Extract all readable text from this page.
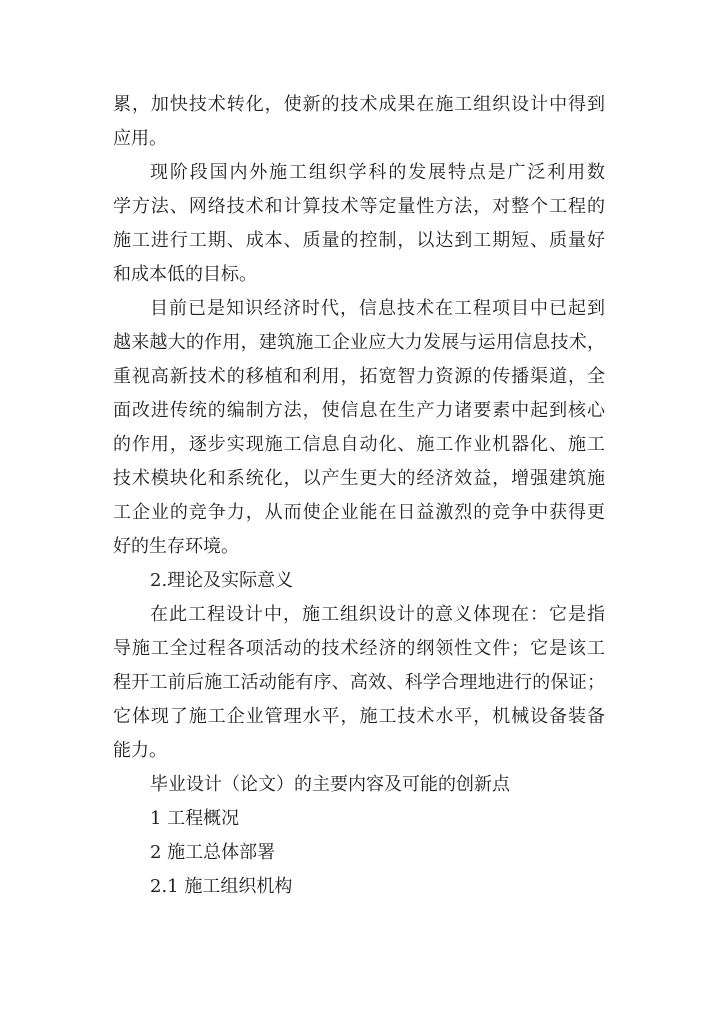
累，加快技术转化，使新的技术成果在施工组织设计中得到
应用。
现阶段国内外施工组织学科的发展特点是广泛利用数
学方法、网络技术和计算技术等定量性方法，对整个工程的
施工进行工期、成本、质量的控制，以达到工期短、质量好
和成本低的目标。
目前已是知识经济时代，信息技术在工程项目中已起到
越来越大的作用，建筑施工企业应大力发展与运用信息技术，
重视高新技术的移植和利用，拓宽智力资源的传播渠道，全
面改进传统的编制方法，使信息在生产力诸要素中起到核心
的作用，逐步实现施工信息自动化、施工作业机器化、施工
技术模块化和系统化，以产生更大的经济效益，增强建筑施
工企业的竞争力，从而使企业能在日益激烈的竞争中获得更
好的生存环境。
2.理论及实际意义
在此工程设计中，施工组织设计的意义体现在：它是指
导施工全过程各项活动的技术经济的纲领性文件；它是该工
程开工前后施工活动能有序、高效、科学合理地进行的保证；
它体现了施工企业管理水平，施工技术水平，机械设备装备
能力。
毕业设计（论文）的主要内容及可能的创新点
1 工程概况
2 施工总体部署
2.1 施工组织机构
